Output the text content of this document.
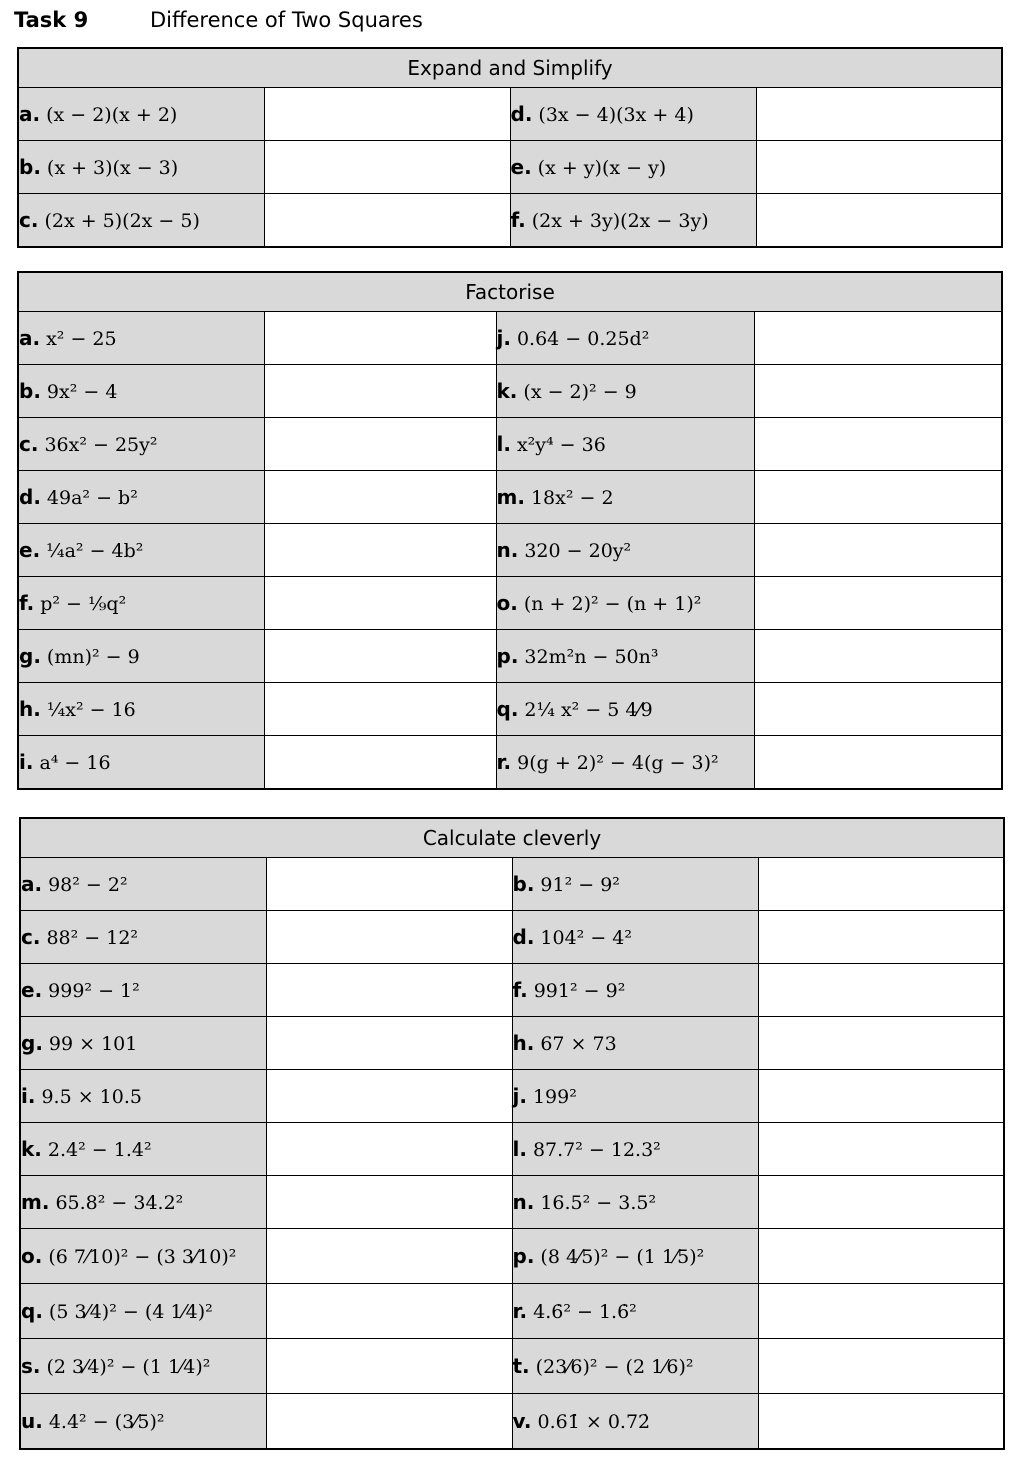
Task 9	Difference of Two Squares
Expand and Simplify			
a. (x − 2)(x + 2)		d. (3x − 4)(3x + 4)	
b. (x + 3)(x − 3)		e. (x + y)(x − y)	
c. (2x + 5)(2x − 5)		f. (2x + 3y)(2x − 3y)	
Factorise			
a. x² − 25		j. 0.64 − 0.25d²	
b. 9x² − 4		k. (x − 2)² − 9	
c. 36x² − 25y²		l. x²y⁴ − 36	
d. 49a² − b²		m. 18x² − 2	
e. ¼a² − 4b²		n. 320 − 20y²	
f. p² − ⅑q²		o. (n + 2)² − (n + 1)²	
g. (mn)² − 9		p. 32m²n − 50n³	
h. ¼x² − 16		q. 2¼ x² − 5 4⁄9	
i. a⁴ − 16		r. 9(g + 2)² − 4(g − 3)²	
Calculate cleverly			
a. 98² − 2²		b. 91² − 9²	
c. 88² − 12²		d. 104² − 4²	
e. 999² − 1²		f. 991² − 9²	
g. 99 × 101		h. 67 × 73	
i. 9.5 × 10.5		j. 199²	
k. 2.4² − 1.4²		l. 87.7² − 12.3²	
m. 65.8² − 34.2²		n. 16.5² − 3.5²	
o. (6 7⁄10)² − (3 3⁄10)²		p. (8 4⁄5)² − (1 1⁄5)²	
q. (5 3⁄4)² − (4 1⁄4)²		r. 4.6̇² − 1.6̇²	
s. (2 3⁄4)² − (1 1⁄4)²		t. (23⁄6)² − (2 1⁄6)²	
u. 4.4² − (3⁄5)²		v. 0.61̇ × 0.72̇	
